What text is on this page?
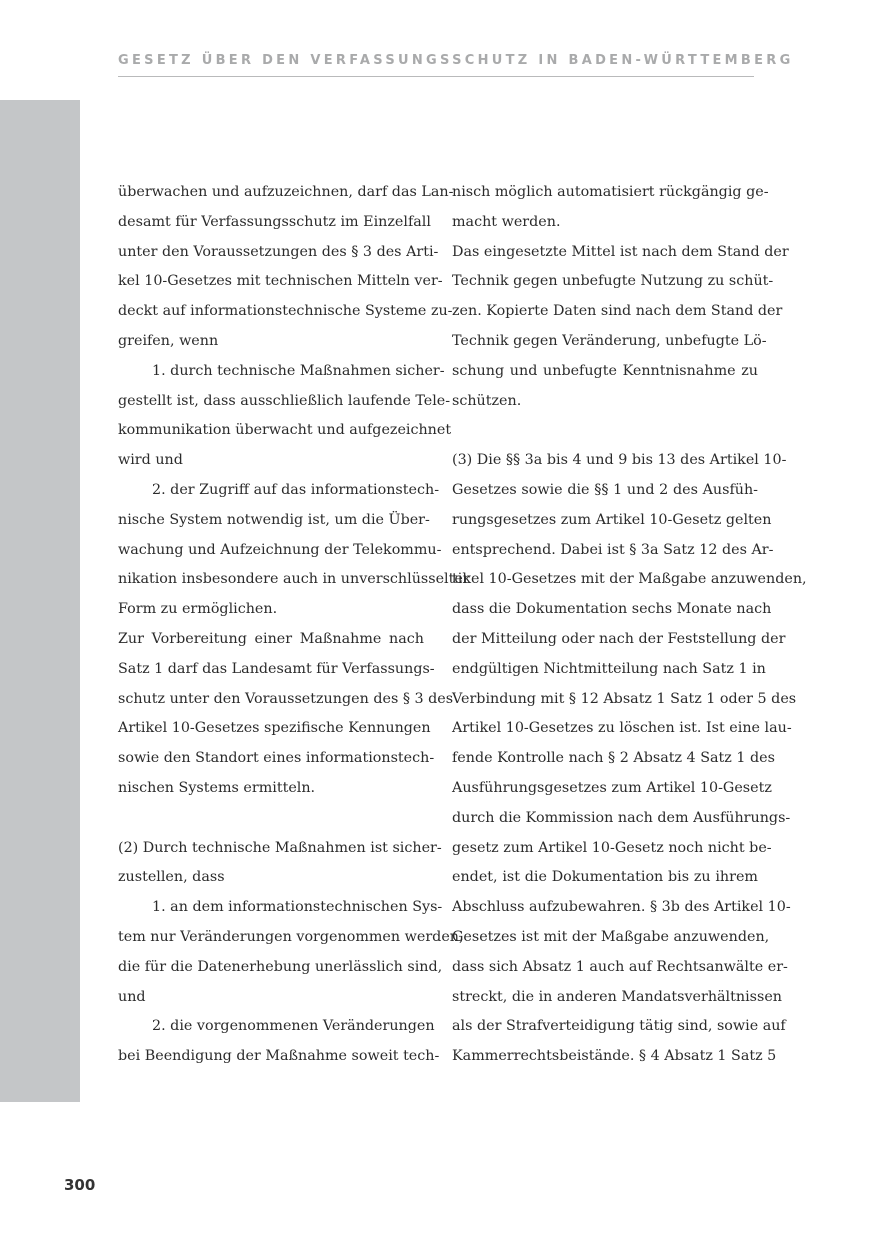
GESETZ ÜBER DEN VERFASSUNGSSCHUTZ IN BADEN-WÜRTTEMBERG
überwachen und aufzuzeichnen, darf das Lan-
desamt für Verfassungsschutz im Einzelfall
unter den Voraussetzungen des § 3 des Arti-
kel 10-Gesetzes mit technischen Mitteln ver-
deckt auf informationstechnische Systeme zu-
greifen, wenn
1. durch technische Maßnahmen sicher-
gestellt ist, dass ausschließlich laufende Tele-
kommunikation überwacht und aufgezeichnet
wird und
2. der Zugriff auf das informationstech-
nische System notwendig ist, um die Über-
wachung und Aufzeichnung der Telekommu-
nikation insbesondere auch in unverschlüsselter
Form zu ermöglichen.
Zur Vorbereitung einer Maßnahme nach
Satz 1 darf das Landesamt für Verfassungs-
schutz unter den Voraussetzungen des § 3 des
Artikel 10-Gesetzes spezifische Kennungen
sowie den Standort eines informationstech-
nischen Systems ermitteln.
(2) Durch technische Maßnahmen ist sicher-
zustellen, dass
1. an dem informationstechnischen Sys-
tem nur Veränderungen vorgenommen werden,
die für die Datenerhebung unerlässlich sind,
und
2. die vorgenommenen Veränderungen
bei Beendigung der Maßnahme soweit tech-
nisch möglich automatisiert rückgängig ge-
macht werden.
Das eingesetzte Mittel ist nach dem Stand der
Technik gegen unbefugte Nutzung zu schüt-
zen. Kopierte Daten sind nach dem Stand der
Technik gegen Veränderung, unbefugte Lö-
schung und unbefugte Kenntnisnahme zu
schützen.
(3) Die §§ 3a bis 4 und 9 bis 13 des Artikel 10-
Gesetzes sowie die §§ 1 und 2 des Ausfüh-
rungsgesetzes zum Artikel 10-Gesetz gelten
entsprechend. Dabei ist § 3a Satz 12 des Ar-
tikel 10-Gesetzes mit der Maßgabe anzuwenden,
dass die Dokumentation sechs Monate nach
der Mitteilung oder nach der Feststellung der
endgültigen Nichtmitteilung nach Satz 1 in
Verbindung mit § 12 Absatz 1 Satz 1 oder 5 des
Artikel 10-Gesetzes zu löschen ist. Ist eine lau-
fende Kontrolle nach § 2 Absatz 4 Satz 1 des
Ausführungsgesetzes zum Artikel 10-Gesetz
durch die Kommission nach dem Ausführungs-
gesetz zum Artikel 10-Gesetz noch nicht be-
endet, ist die Dokumentation bis zu ihrem
Abschluss aufzubewahren. § 3b des Artikel 10-
Gesetzes ist mit der Maßgabe anzuwenden,
dass sich Absatz 1 auch auf Rechtsanwälte er-
streckt, die in anderen Mandatsverhältnissen
als der Strafverteidigung tätig sind, sowie auf
Kammerrechtsbeistände. § 4 Absatz 1 Satz 5
300
